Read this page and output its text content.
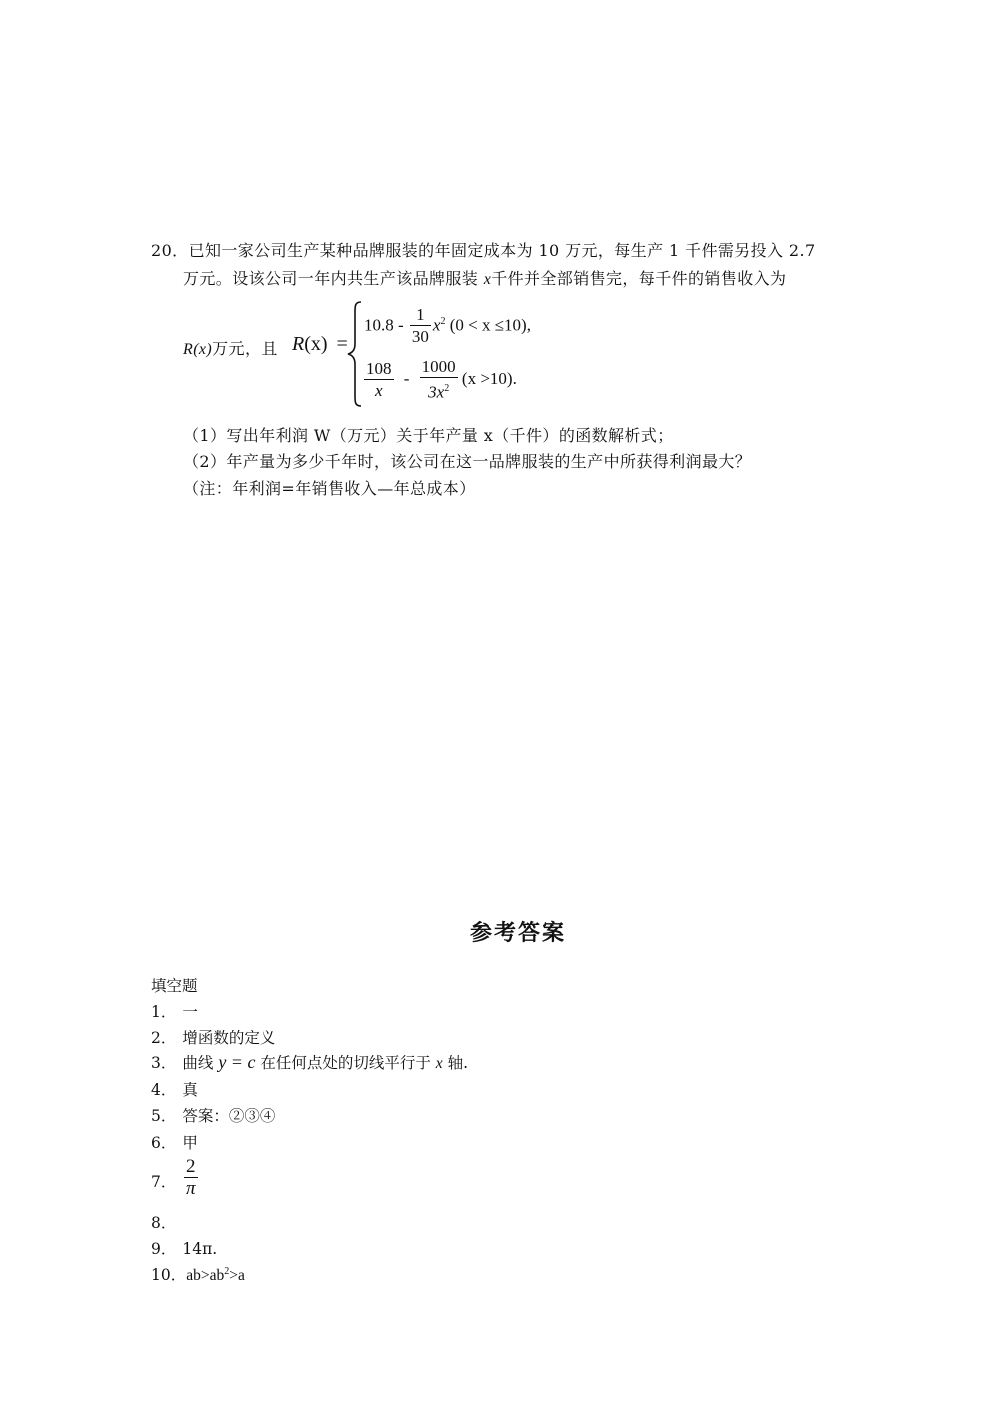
20．已知一家公司生产某种品牌服装的年固定成本为 10 万元，每生产 1 千件需另投入 2.7
万元。设该公司一年内共生产该品牌服装 x千件并全部销售完，每千件的销售收入为
R(x)万元，且 R(x) =
$10.8 - \frac{1}{30} x^2$ (0 < x ≤10),
$\frac{108}{x} - \frac{1000}{3x^2} (x >10)$.
（1）写出年利润 W（万元）关于年产量 x（千件）的函数解析式；
（2）年产量为多少千年时，该公司在这一品牌服装的生产中所获得利润最大？
（注：年利润=年销售收入—年总成本）
参考答案
填空题
1． 一
2． 增函数的定义
3． 曲线 y = c 在任何点处的切线平行于 x 轴.
4． 真
5． 答案：②③④
6． 甲
7． $\frac{2}{\pi}$
8．
9． 14π.
10．$ab>ab^2>a$
